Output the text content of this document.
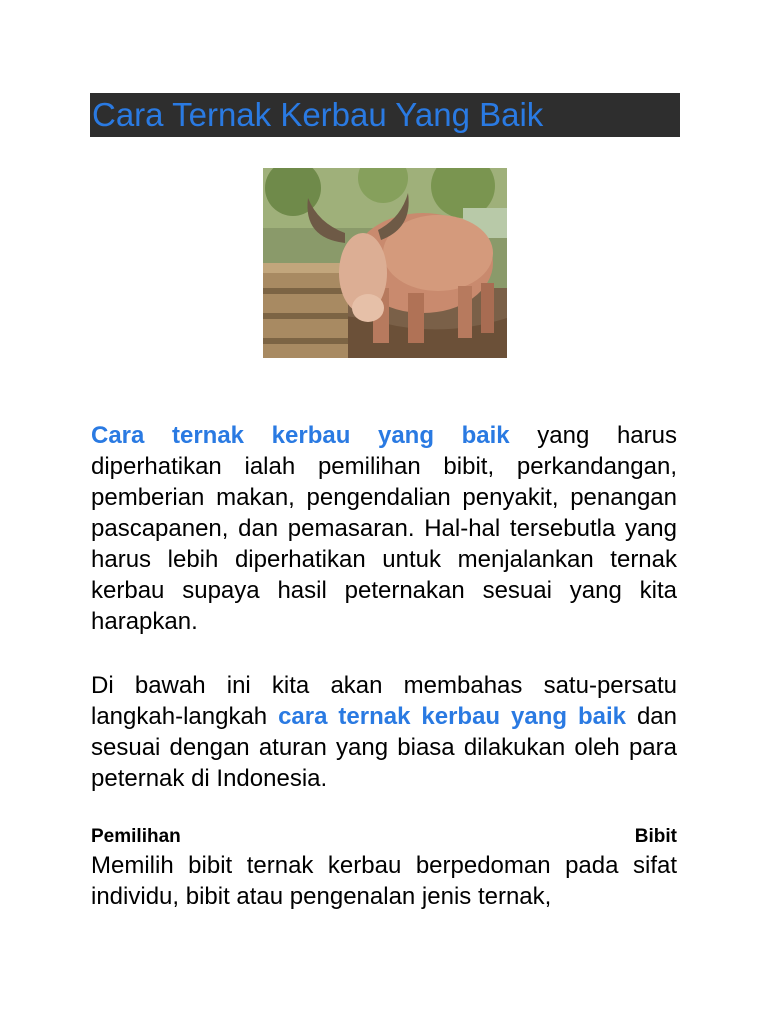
Cara Ternak Kerbau Yang Baik
Cara ternak kerbau yang baik yang harus diperhatikan ialah pemilihan bibit, perkandangan, pemberian makan, pengendalian penyakit, penangan pascapanen, dan pemasaran. Hal-hal tersebutla yang harus lebih diperhatikan untuk menjalankan ternak kerbau supaya hasil peternakan sesuai yang kita harapkan.
Di bawah ini kita akan membahas satu-persatu langkah-langkah cara ternak kerbau yang baik dan sesuai dengan aturan yang biasa dilakukan oleh para peternak di Indonesia.
Pemilihan	Bibit
Memilih bibit ternak kerbau berpedoman pada sifat individu, bibit atau pengenalan jenis ternak,
